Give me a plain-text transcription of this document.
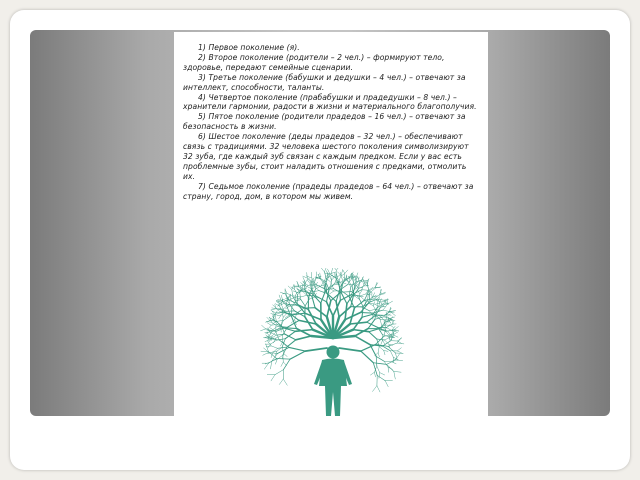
1) Первое поколение (я).

2) Второе поколение (родители – 2 чел.) – формируют тело, здоровье, передают семейные сценарии.

3) Третье поколение (бабушки и дедушки – 4 чел.) – отвечают за интеллект, способности, таланты.

4) Четвертое поколение (прабабушки и прадедушки – 8 чел.) – хранители гармонии, радости в жизни и материального благополучия.

5) Пятое поколение (родители прадедов – 16 чел.) – отвечают за безопасность в жизни.

6) Шестое поколение (деды прадедов – 32 чел.) – обеспечивают связь с традициями. 32 человека шестого поколения символизируют 32 зуба, где каждый зуб связан с каждым предком. Если у вас есть проблемные зубы, стоит наладить отношения с предками, отмолить их.

7) Седьмое поколение (прадеды прадедов – 64 чел.) – отвечают за страну, город, дом, в котором мы живем.
